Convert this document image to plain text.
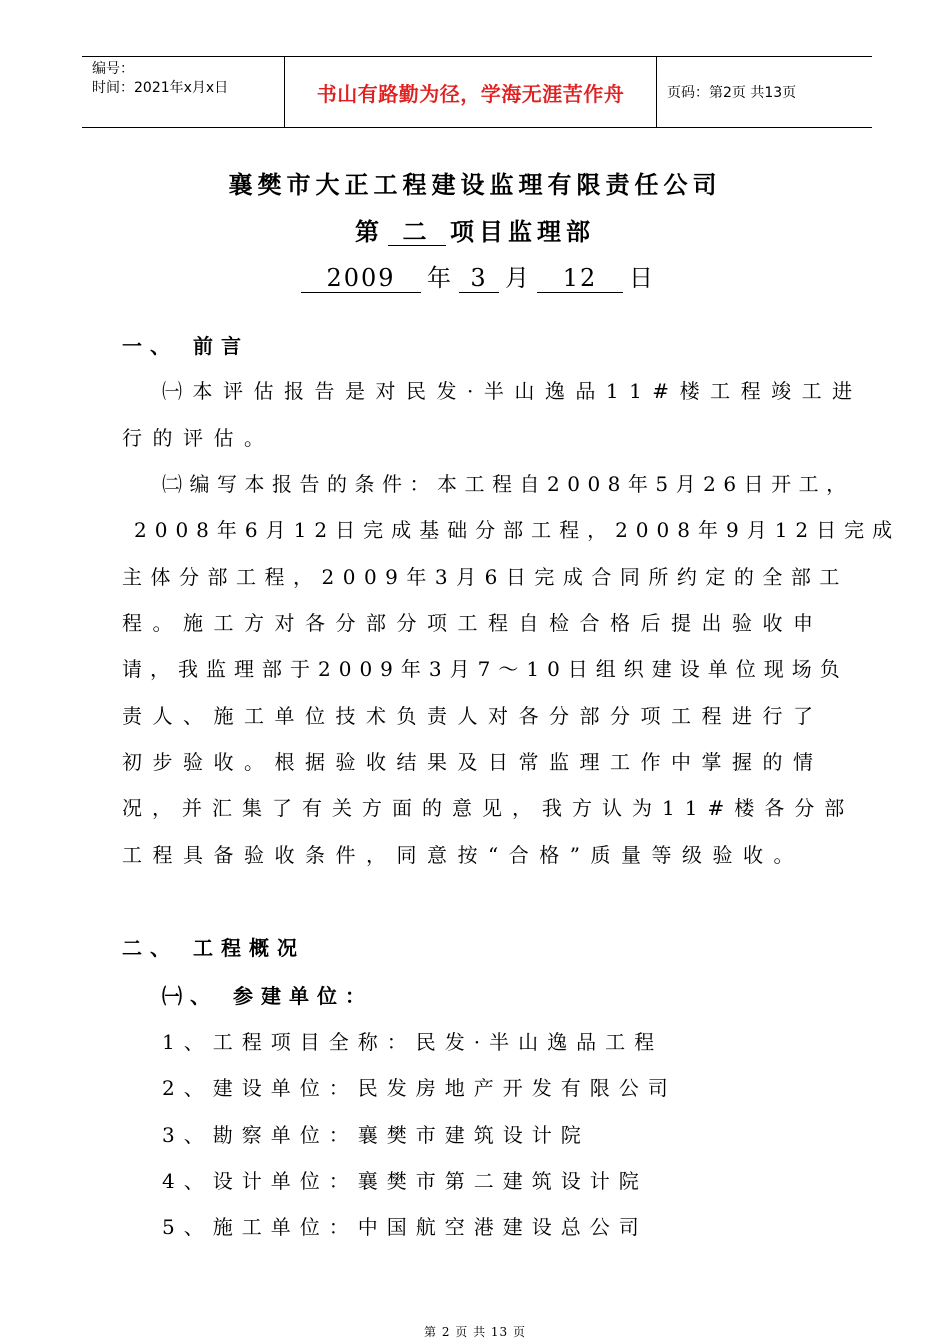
编号：
时间：2021年x月x日	书山有路勤为径，学海无涯苦作舟	页码：第2页 共13页
襄樊市大正工程建设监理有限责任公司
第 二 项目监理部
2009 年 3 月 12 日
一、 前言
㈠本评估报告是对民发·半山逸品11#楼工程竣工进
行的评估。
㈡编写本报告的条件：本工程自2008年5月26日开工，
2008年6月12日完成基础分部工程，2008年9月12日完成
主体分部工程，2009年3月6日完成合同所约定的全部工
程。施工方对各分部分项工程自检合格后提出验收申
请，我监理部于2009年3月7～10日组织建设单位现场负
责人、施工单位技术负责人对各分部分项工程进行了
初步验收。根据验收结果及日常监理工作中掌握的情
况，并汇集了有关方面的意见，我方认为11#楼各分部
工程具备验收条件，同意按“合格”质量等级验收。
二、 工程概况
㈠、 参建单位：
1、工程项目全称：民发·半山逸品工程
2、建设单位：民发房地产开发有限公司
3、勘察单位：襄樊市建筑设计院
4、设计单位：襄樊市第二建筑设计院
5、施工单位：中国航空港建设总公司
第 2 页 共 13 页
